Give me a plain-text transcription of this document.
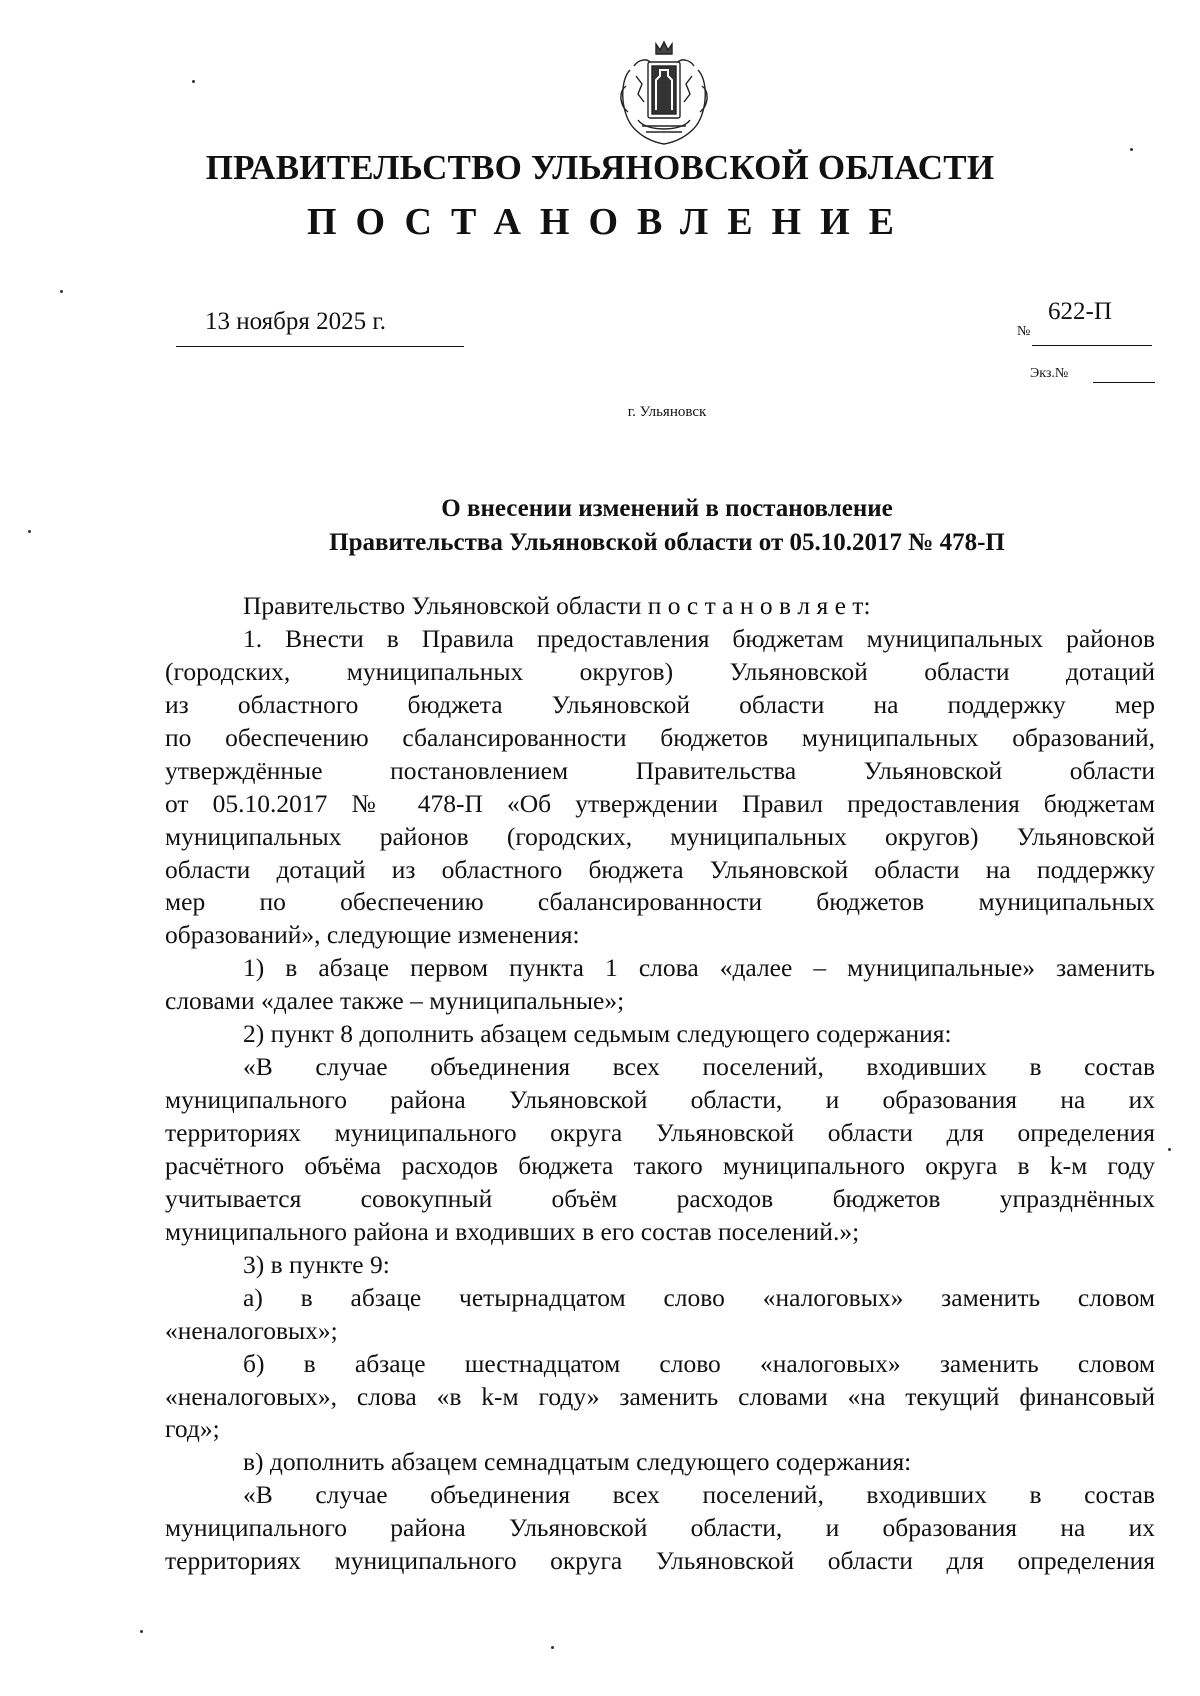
ПРАВИТЕЛЬСТВО УЛЬЯНОВСКОЙ ОБЛАСТИ
ПОСТАНОВЛЕНИЕ
13 ноября 2025 г.	№
622-П
Экз.№
г. Ульяновск
О внесении изменений в постановление
Правительства Ульяновской области от 05.10.2017 № 478-П
Правительство Ульяновской области п о с т а н о в л я е т:
1. Внести в Правила предоставления бюджетам муниципальных районов
(городских, муниципальных округов) Ульяновской области дотаций
из областного бюджета Ульяновской области на поддержку мер
по обеспечению сбалансированности бюджетов муниципальных образований,
утверждённые постановлением Правительства Ульяновской области
от 05.10.2017 № 478-П «Об утверждении Правил предоставления бюджетам
муниципальных районов (городских, муниципальных округов) Ульяновской
области дотаций из областного бюджета Ульяновской области на поддержку
мер по обеспечению сбалансированности бюджетов муниципальных
образований», следующие изменения:
1) в абзаце первом пункта 1 слова «далее – муниципальные» заменить
словами «далее также – муниципальные»;
2) пункт 8 дополнить абзацем седьмым следующего содержания:
«В случае объединения всех поселений, входивших в состав
муниципального района Ульяновской области, и образования на их
территориях муниципального округа Ульяновской области для определения
расчётного объёма расходов бюджета такого муниципального округа в k-м году
учитывается совокупный объём расходов бюджетов упразднённых
муниципального района и входивших в его состав поселений.»;
3) в пункте 9:
а) в абзаце четырнадцатом слово «налоговых» заменить словом
«неналоговых»;
б) в абзаце шестнадцатом слово «налоговых» заменить словом
«неналоговых», слова «в k-м году» заменить словами «на текущий финансовый
год»;
в) дополнить абзацем семнадцатым следующего содержания:
«В случае объединения всех поселений, входивших в состав
муниципального района Ульяновской области, и образования на их
территориях муниципального округа Ульяновской области для определения
